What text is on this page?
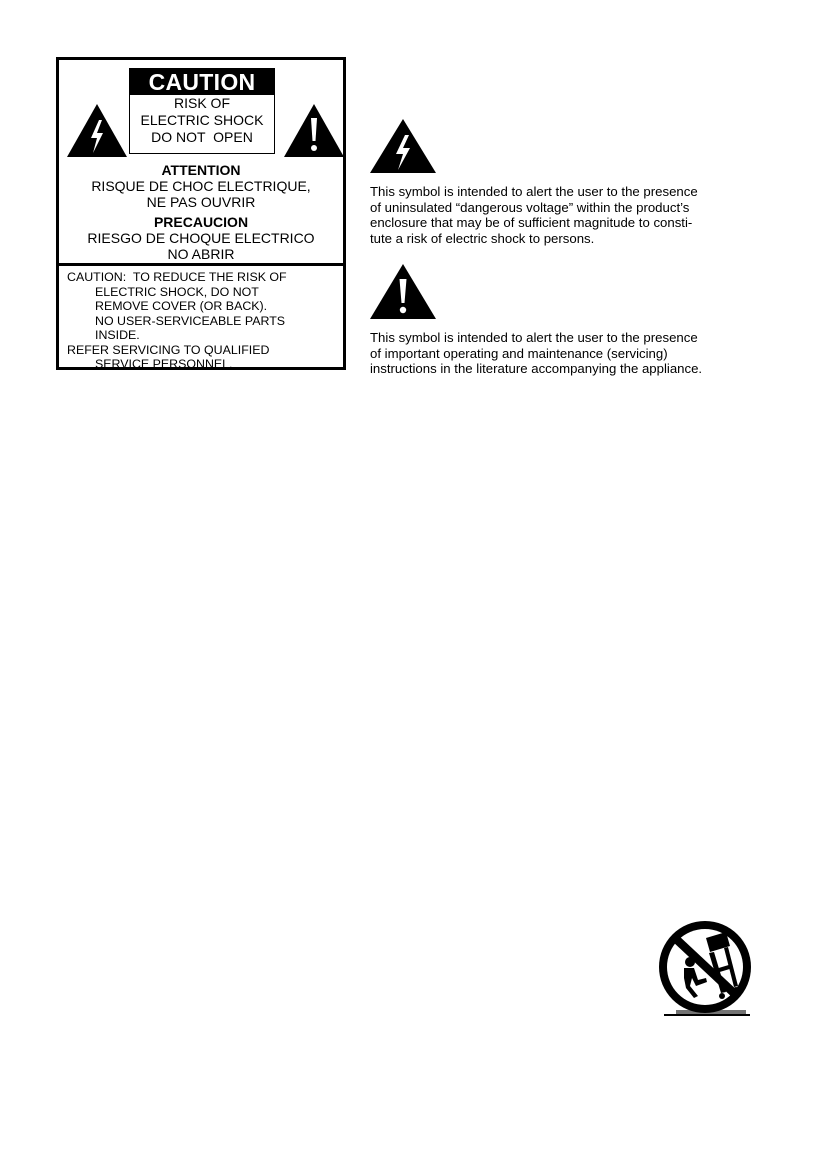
CAUTION
RISK OF
ELECTRIC SHOCK
DO NOT  OPEN
ATTENTION
RISQUE DE CHOC ELECTRIQUE,
NE PAS OUVRIR
PRECAUCION
RIESGO DE CHOQUE ELECTRICO
NO ABRIR
CAUTION:  TO REDUCE THE RISK OF
ELECTRIC SHOCK, DO NOT
REMOVE COVER (OR BACK).
NO USER-SERVICEABLE PARTS
INSIDE.
REFER SERVICING TO QUALIFIED
SERVICE PERSONNEL.
This symbol is intended to alert the user to the presence
of uninsulated “dangerous voltage” within the product’s
enclosure that may be of sufficient magnitude to consti-
tute a risk of electric shock to persons.
This symbol is intended to alert the user to the presence
of important operating and maintenance (servicing)
instructions in the literature accompanying the appliance.
